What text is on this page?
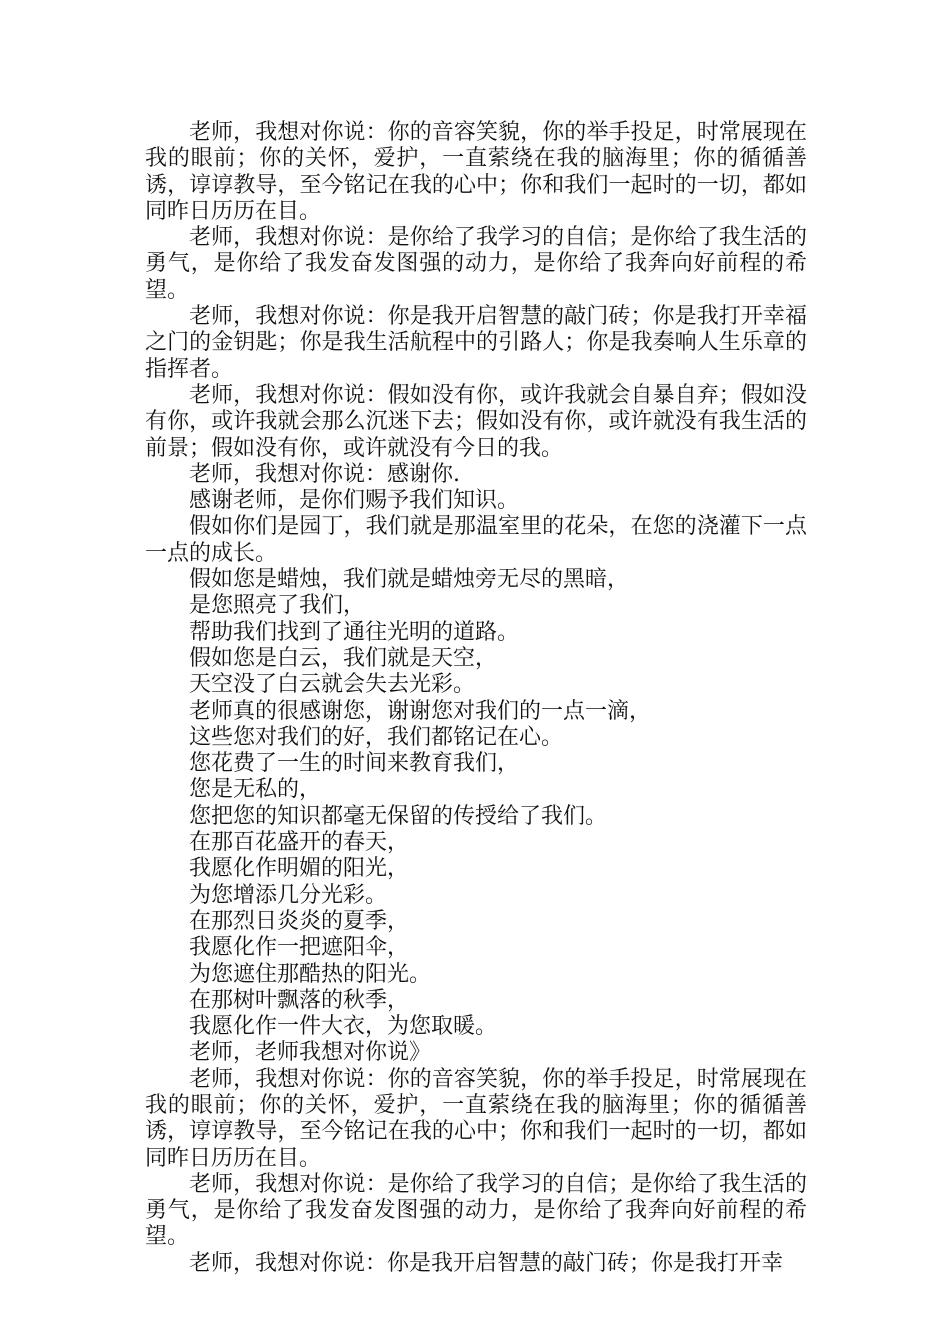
老师，我想对你说：你的音容笑貌，你的举手投足，时常展现在我的眼前；你的关怀，爱护，一直萦绕在我的脑海里；你的循循善诱，谆谆教导，至今铭记在我的心中；你和我们一起时的一切，都如同昨日历历在目。

老师，我想对你说：是你给了我学习的自信；是你给了我生活的勇气，是你给了我发奋发图强的动力，是你给了我奔向好前程的希望。

老师，我想对你说：你是我开启智慧的敲门砖；你是我打开幸福之门的金钥匙；你是我生活航程中的引路人；你是我奏响人生乐章的指挥者。

老师，我想对你说：假如没有你，或许我就会自暴自弃；假如没有你，或许我就会那么沉迷下去；假如没有你，或许就没有我生活的前景；假如没有你，或许就没有今日的我。

老师，我想对你说：感谢你.

感谢老师，是你们赐予我们知识。

假如你们是园丁，我们就是那温室里的花朵，在您的浇灌下一点一点的成长。

假如您是蜡烛，我们就是蜡烛旁无尽的黑暗，

是您照亮了我们，

帮助我们找到了通往光明的道路。

假如您是白云，我们就是天空，

天空没了白云就会失去光彩。

老师真的很感谢您，谢谢您对我们的一点一滴，

这些您对我们的好，我们都铭记在心。

您花费了一生的时间来教育我们，

您是无私的，

您把您的知识都毫无保留的传授给了我们。

在那百花盛开的春天，

我愿化作明媚的阳光，

为您增添几分光彩。

在那烈日炎炎的夏季，

我愿化作一把遮阳伞，

为您遮住那酷热的阳光。

在那树叶飘落的秋季，

我愿化作一件大衣，为您取暖。

老师，老师我想对你说》

老师，我想对你说：你的音容笑貌，你的举手投足，时常展现在我的眼前；你的关怀，爱护，一直萦绕在我的脑海里；你的循循善诱，谆谆教导，至今铭记在我的心中；你和我们一起时的一切，都如同昨日历历在目。

老师，我想对你说：是你给了我学习的自信；是你给了我生活的勇气，是你给了我发奋发图强的动力，是你给了我奔向好前程的希望。

老师，我想对你说：你是我开启智慧的敲门砖；你是我打开幸
